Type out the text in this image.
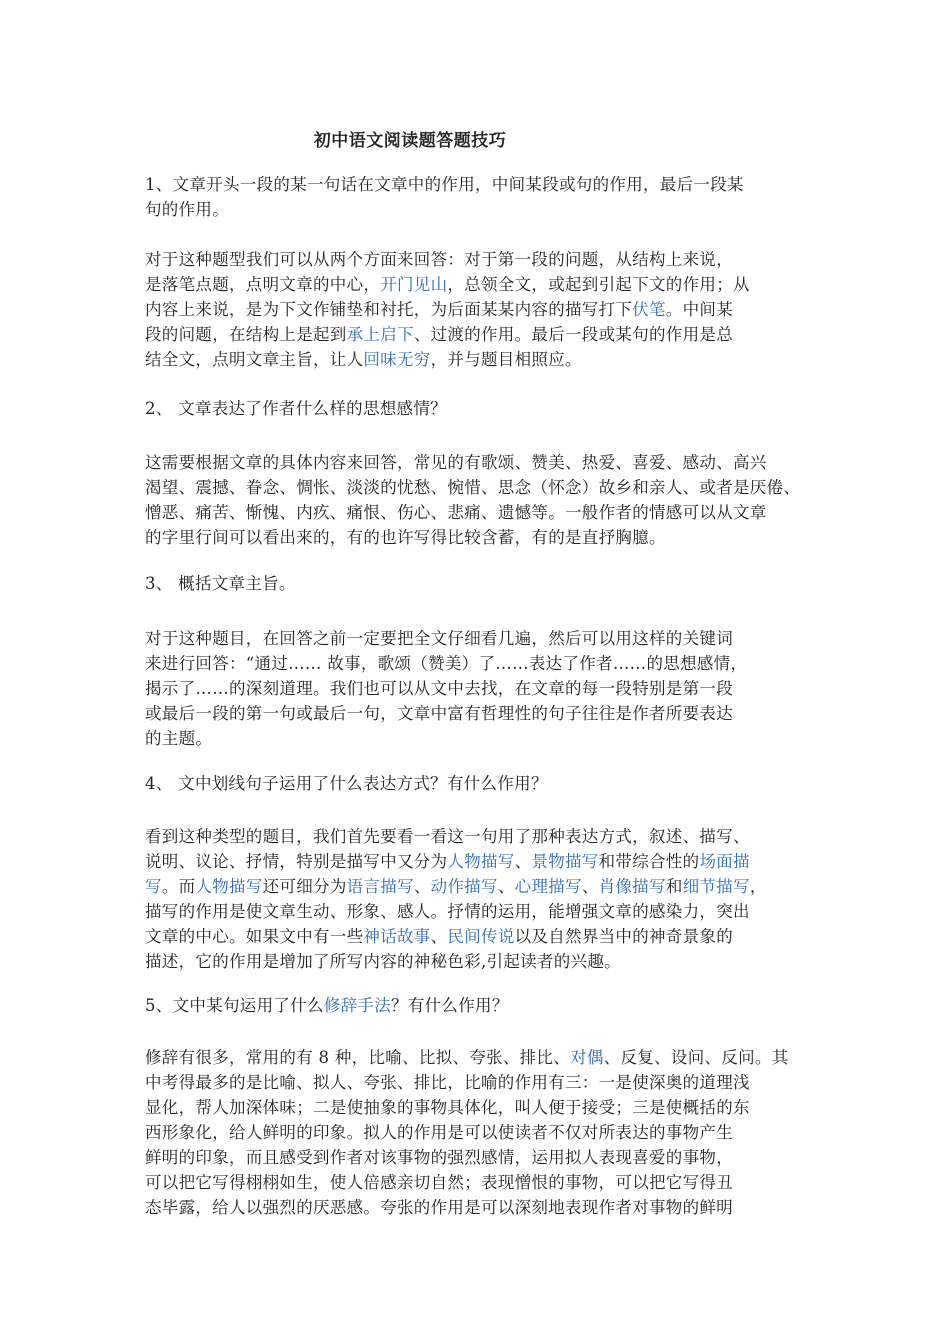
初中语文阅读题答题技巧
1、文章开头一段的某一句话在文章中的作用，中间某段或句的作用，最后一段某
句的作用。
对于这种题型我们可以从两个方面来回答：对于第一段的问题，从结构上来说，
是落笔点题，点明文章的中心，开门见山，总领全文，或起到引起下文的作用；从
内容上来说，是为下文作铺垫和衬托，为后面某某内容的描写打下伏笔。中间某
段的问题，在结构上是起到承上启下、过渡的作用。最后一段或某句的作用是总
结全文，点明文章主旨，让人回味无穷，并与题目相照应。
2、 文章表达了作者什么样的思想感情？
这需要根据文章的具体内容来回答，常见的有歌颂、赞美、热爱、喜爱、感动、高兴
渴望、震撼、眷念、惆怅、淡淡的忧愁、惋惜、思念（怀念）故乡和亲人、或者是厌倦、
憎恶、痛苦、惭愧、内疚、痛恨、伤心、悲痛、遗憾等。一般作者的情感可以从文章
的字里行间可以看出来的，有的也许写得比较含蓄，有的是直抒胸臆。
3、 概括文章主旨。
对于这种题目，在回答之前一定要把全文仔细看几遍，然后可以用这样的关键词
来进行回答：“通过…… 故事，歌颂（赞美）了……表达了作者……的思想感情，
揭示了……的深刻道理。我们也可以从文中去找，在文章的每一段特别是第一段
或最后一段的第一句或最后一句，文章中富有哲理性的句子往往是作者所要表达
的主题。
4、 文中划线句子运用了什么表达方式？有什么作用？
看到这种类型的题目，我们首先要看一看这一句用了那种表达方式，叙述、描写、
说明、议论、抒情，特别是描写中又分为人物描写、景物描写和带综合性的场面描
写。而人物描写还可细分为语言描写、动作描写、心理描写、肖像描写和细节描写，
描写的作用是使文章生动、形象、感人。抒情的运用，能增强文章的感染力，突出
文章的中心。如果文中有一些神话故事、民间传说以及自然界当中的神奇景象的
描述，它的作用是增加了所写内容的神秘色彩,引起读者的兴趣。
5、文中某句运用了什么修辞手法？有什么作用？
修辞有很多，常用的有 8 种，比喻、比拟、夸张、排比、对偶、反复、设问、反问。其
中考得最多的是比喻、拟人、夸张、排比，比喻的作用有三：一是使深奥的道理浅
显化，帮人加深体味；二是使抽象的事物具体化，叫人便于接受；三是使概括的东
西形象化，给人鲜明的印象。拟人的作用是可以使读者不仅对所表达的事物产生
鲜明的印象，而且感受到作者对该事物的强烈感情，运用拟人表现喜爱的事物，
可以把它写得栩栩如生，使人倍感亲切自然；表现憎恨的事物，可以把它写得丑
态毕露，给人以强烈的厌恶感。夸张的作用是可以深刻地表现作者对事物的鲜明
